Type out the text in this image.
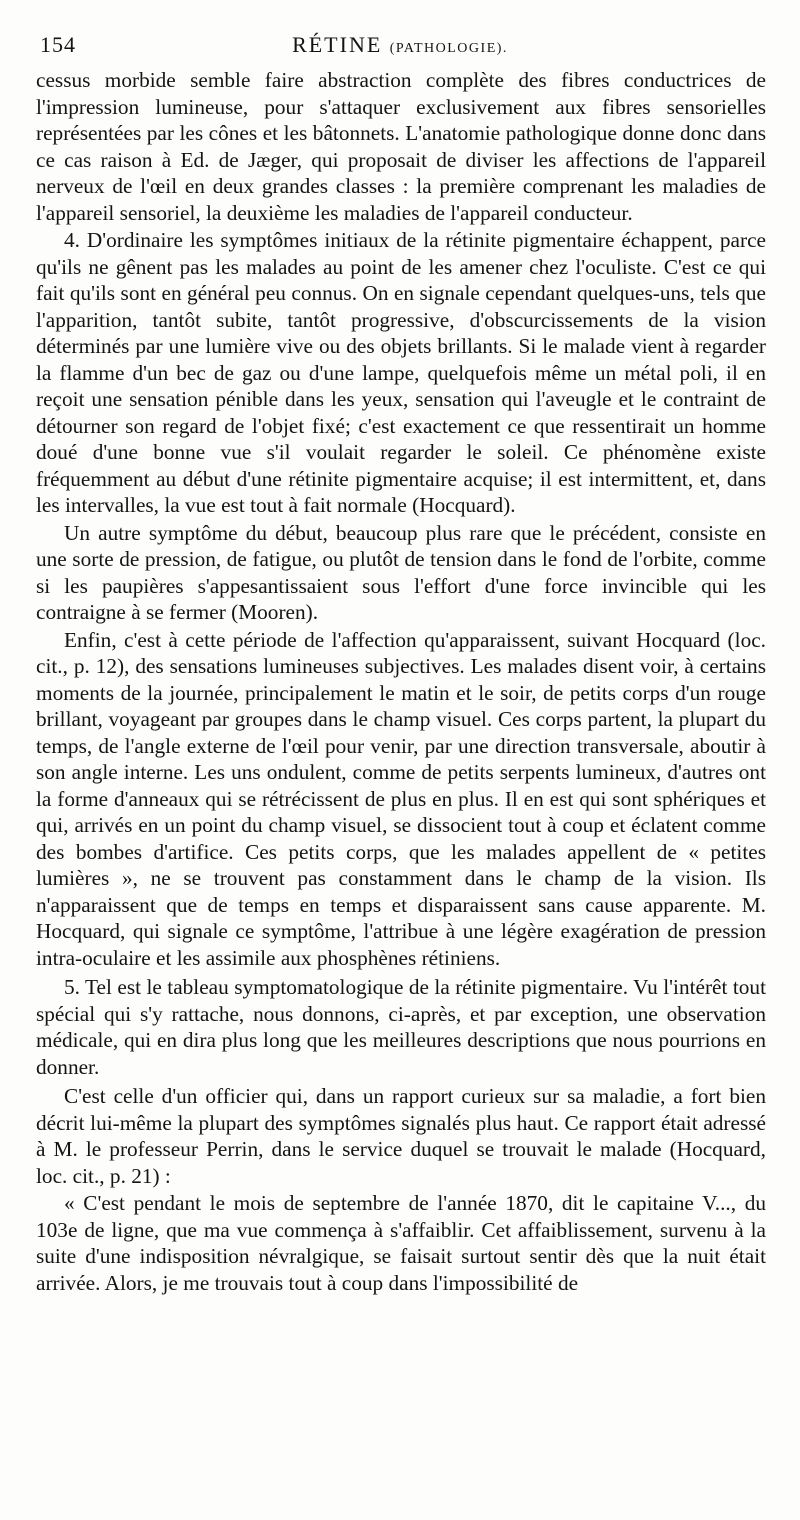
154	RÉTINE (PATHOLOGIE).

cessus morbide semble faire abstraction complète des fibres conductrices de l'impression lumineuse, pour s'attaquer exclusivement aux fibres sensorielles représentées par les cônes et les bâtonnets. L'anatomie pathologique donne donc dans ce cas raison à Ed. de Jæger, qui proposait de diviser les affections de l'appareil nerveux de l'œil en deux grandes classes : la première comprenant les maladies de l'appareil sensoriel, la deuxième les maladies de l'appareil conducteur.

4. D'ordinaire les symptômes initiaux de la rétinite pigmentaire échappent, parce qu'ils ne gênent pas les malades au point de les amener chez l'oculiste. C'est ce qui fait qu'ils sont en général peu connus. On en signale cependant quelques-uns, tels que l'apparition, tantôt subite, tantôt progressive, d'obscurcissements de la vision déterminés par une lumière vive ou des objets brillants. Si le malade vient à regarder la flamme d'un bec de gaz ou d'une lampe, quelquefois même un métal poli, il en reçoit une sensation pénible dans les yeux, sensation qui l'aveugle et le contraint de détourner son regard de l'objet fixé; c'est exactement ce que ressentirait un homme doué d'une bonne vue s'il voulait regarder le soleil. Ce phénomène existe fréquemment au début d'une rétinite pigmentaire acquise; il est intermittent, et, dans les intervalles, la vue est tout à fait normale (Hocquard).

Un autre symptôme du début, beaucoup plus rare que le précédent, consiste en une sorte de pression, de fatigue, ou plutôt de tension dans le fond de l'orbite, comme si les paupières s'appesantissaient sous l'effort d'une force invincible qui les contraigne à se fermer (Mooren).

Enfin, c'est à cette période de l'affection qu'apparaissent, suivant Hocquard (loc. cit., p. 12), des sensations lumineuses subjectives. Les malades disent voir, à certains moments de la journée, principalement le matin et le soir, de petits corps d'un rouge brillant, voyageant par groupes dans le champ visuel. Ces corps partent, la plupart du temps, de l'angle externe de l'œil pour venir, par une direction transversale, aboutir à son angle interne. Les uns ondulent, comme de petits serpents lumineux, d'autres ont la forme d'anneaux qui se rétrécissent de plus en plus. Il en est qui sont sphériques et qui, arrivés en un point du champ visuel, se dissocient tout à coup et éclatent comme des bombes d'artifice. Ces petits corps, que les malades appellent de « petites lumières », ne se trouvent pas constamment dans le champ de la vision. Ils n'apparaissent que de temps en temps et disparaissent sans cause apparente. M. Hocquard, qui signale ce symptôme, l'attribue à une légère exagération de pression intra-oculaire et les assimile aux phosphènes rétiniens.

5. Tel est le tableau symptomatologique de la rétinite pigmentaire. Vu l'intérêt tout spécial qui s'y rattache, nous donnons, ci-après, et par exception, une observation médicale, qui en dira plus long que les meilleures descriptions que nous pourrions en donner.

C'est celle d'un officier qui, dans un rapport curieux sur sa maladie, a fort bien décrit lui-même la plupart des symptômes signalés plus haut. Ce rapport était adressé à M. le professeur Perrin, dans le service duquel se trouvait le malade (Hocquard, loc. cit., p. 21) :

« C'est pendant le mois de septembre de l'année 1870, dit le capitaine V..., du 103e de ligne, que ma vue commença à s'affaiblir. Cet affaiblissement, survenu à la suite d'une indisposition névralgique, se faisait surtout sentir dès que la nuit était arrivée. Alors, je me trouvais tout à coup dans l'impossibilité de
